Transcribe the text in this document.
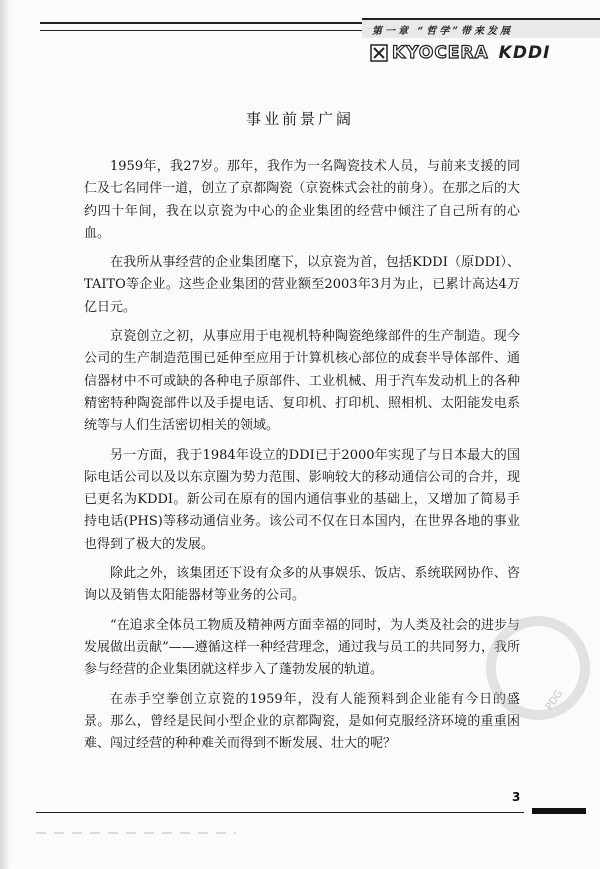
第一章 “哲学”带来发展
KYOCERA KDDI
事业前景广阔

1959年，我27岁。那年，我作为一名陶瓷技术人员，与前来支援的同仁及七名同伴一道，创立了京都陶瓷（京瓷株式会社的前身）。在那之后的大约四十年间，我在以京瓷为中心的企业集团的经营中倾注了自己所有的心血。

在我所从事经营的企业集团麾下，以京瓷为首，包括KDDI（原DDI）、TAITO等企业。这些企业集团的营业额至2003年3月为止，已累计高达4万亿日元。

京瓷创立之初，从事应用于电视机特种陶瓷绝缘部件的生产制造。现今公司的生产制造范围已延伸至应用于计算机核心部位的成套半导体部件、通信器材中不可或缺的各种电子原部件、工业机械、用于汽车发动机上的各种精密特种陶瓷部件以及手提电话、复印机、打印机、照相机、太阳能发电系统等与人们生活密切相关的领域。

另一方面，我于1984年设立的DDI已于2000年实现了与日本最大的国际电话公司以及以东京圈为势力范围、影响较大的移动通信公司的合并，现已更名为KDDI。新公司在原有的国内通信事业的基础上，又增加了简易手持电话(PHS)等移动通信业务。该公司不仅在日本国内，在世界各地的事业也得到了极大的发展。

除此之外，该集团还下设有众多的从事娱乐、饭店、系统联网协作、咨询以及销售太阳能器材等业务的公司。

“在追求全体员工物质及精神两方面幸福的同时，为人类及社会的进步与发展做出贡献”——遵循这样一种经营理念，通过我与员工的共同努力，我所参与经营的企业集团就这样步入了蓬勃发展的轨道。

在赤手空拳创立京瓷的1959年，没有人能预料到企业能有今日的盛景。那么，曾经是民间小型企业的京都陶瓷，是如何克服经济环境的重重困难、闯过经营的种种难关而得到不断发展、壮大的呢？

PDG
3
